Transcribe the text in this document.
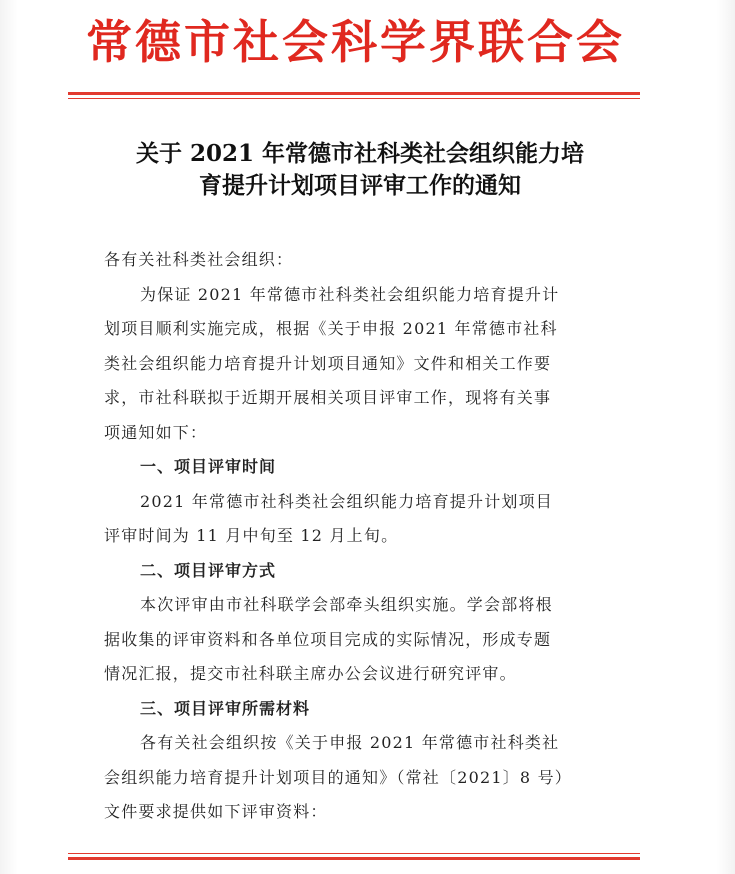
常德市社会科学界联合会
关于 2021 年常德市社科类社会组织能力培
育提升计划项目评审工作的通知
各有关社科类社会组织：
为保证 2021 年常德市社科类社会组织能力培育提升计
划项目顺利实施完成，根据《关于申报 2021 年常德市社科
类社会组织能力培育提升计划项目通知》文件和相关工作要
求，市社科联拟于近期开展相关项目评审工作，现将有关事
项通知如下：
一、项目评审时间
2021 年常德市社科类社会组织能力培育提升计划项目
评审时间为 11 月中旬至 12 月上旬。
二、项目评审方式
本次评审由市社科联学会部牵头组织实施。学会部将根
据收集的评审资料和各单位项目完成的实际情况，形成专题
情况汇报，提交市社科联主席办公会议进行研究评审。
三、项目评审所需材料
各有关社会组织按《关于申报 2021 年常德市社科类社
会组织能力培育提升计划项目的通知》（常社〔2021〕8 号）
文件要求提供如下评审资料：
